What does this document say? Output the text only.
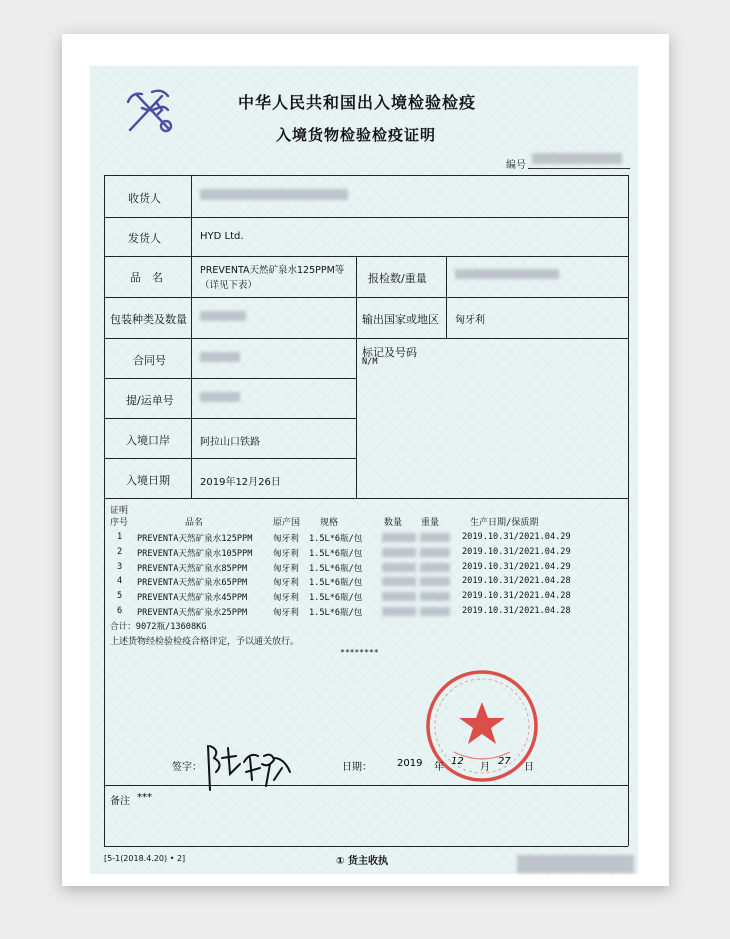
中华人民共和国出入境检验检疫
入境货物检验检疫证明
编号
收货人
发货人	HYD Ltd.
品　名
PREVENTA天然矿泉水125PPM等
（详见下表）
报检数/重量
包装种类及数量	输出国家或地区 匈牙利
合同号
标记及号码
N/M
提/运单号
入境口岸	阿拉山口铁路
入境日期	2019年12月26日
证明
序号	品名	原产国 规格	数量 重量	生产日期/保质期
1 PREVENTA天然矿泉水125PPM 匈牙利 1.5L*6瓶/包	2019.10.31/2021.04.29
2 PREVENTA天然矿泉水105PPM 匈牙利 1.5L*6瓶/包	2019.10.31/2021.04.29
3 PREVENTA天然矿泉水85PPM	匈牙利 1.5L*6瓶/包	2019.10.31/2021.04.29
4 PREVENTA天然矿泉水65PPM	匈牙利 1.5L*6瓶/包	2019.10.31/2021.04.28
5 PREVENTA天然矿泉水45PPM	匈牙利 1.5L*6瓶/包	2019.10.31/2021.04.28
6 PREVENTA天然矿泉水25PPM	匈牙利 1.5L*6瓶/包	2019.10.31/2021.04.28
合计：9072瓶/13608KG
上述货物经检验检疫合格评定，予以通关放行。
********
签字：	日期：	2019 年
12
月
27
日
备注 ***
[5-1(2018.4.20) • 2]	① 货主收执
